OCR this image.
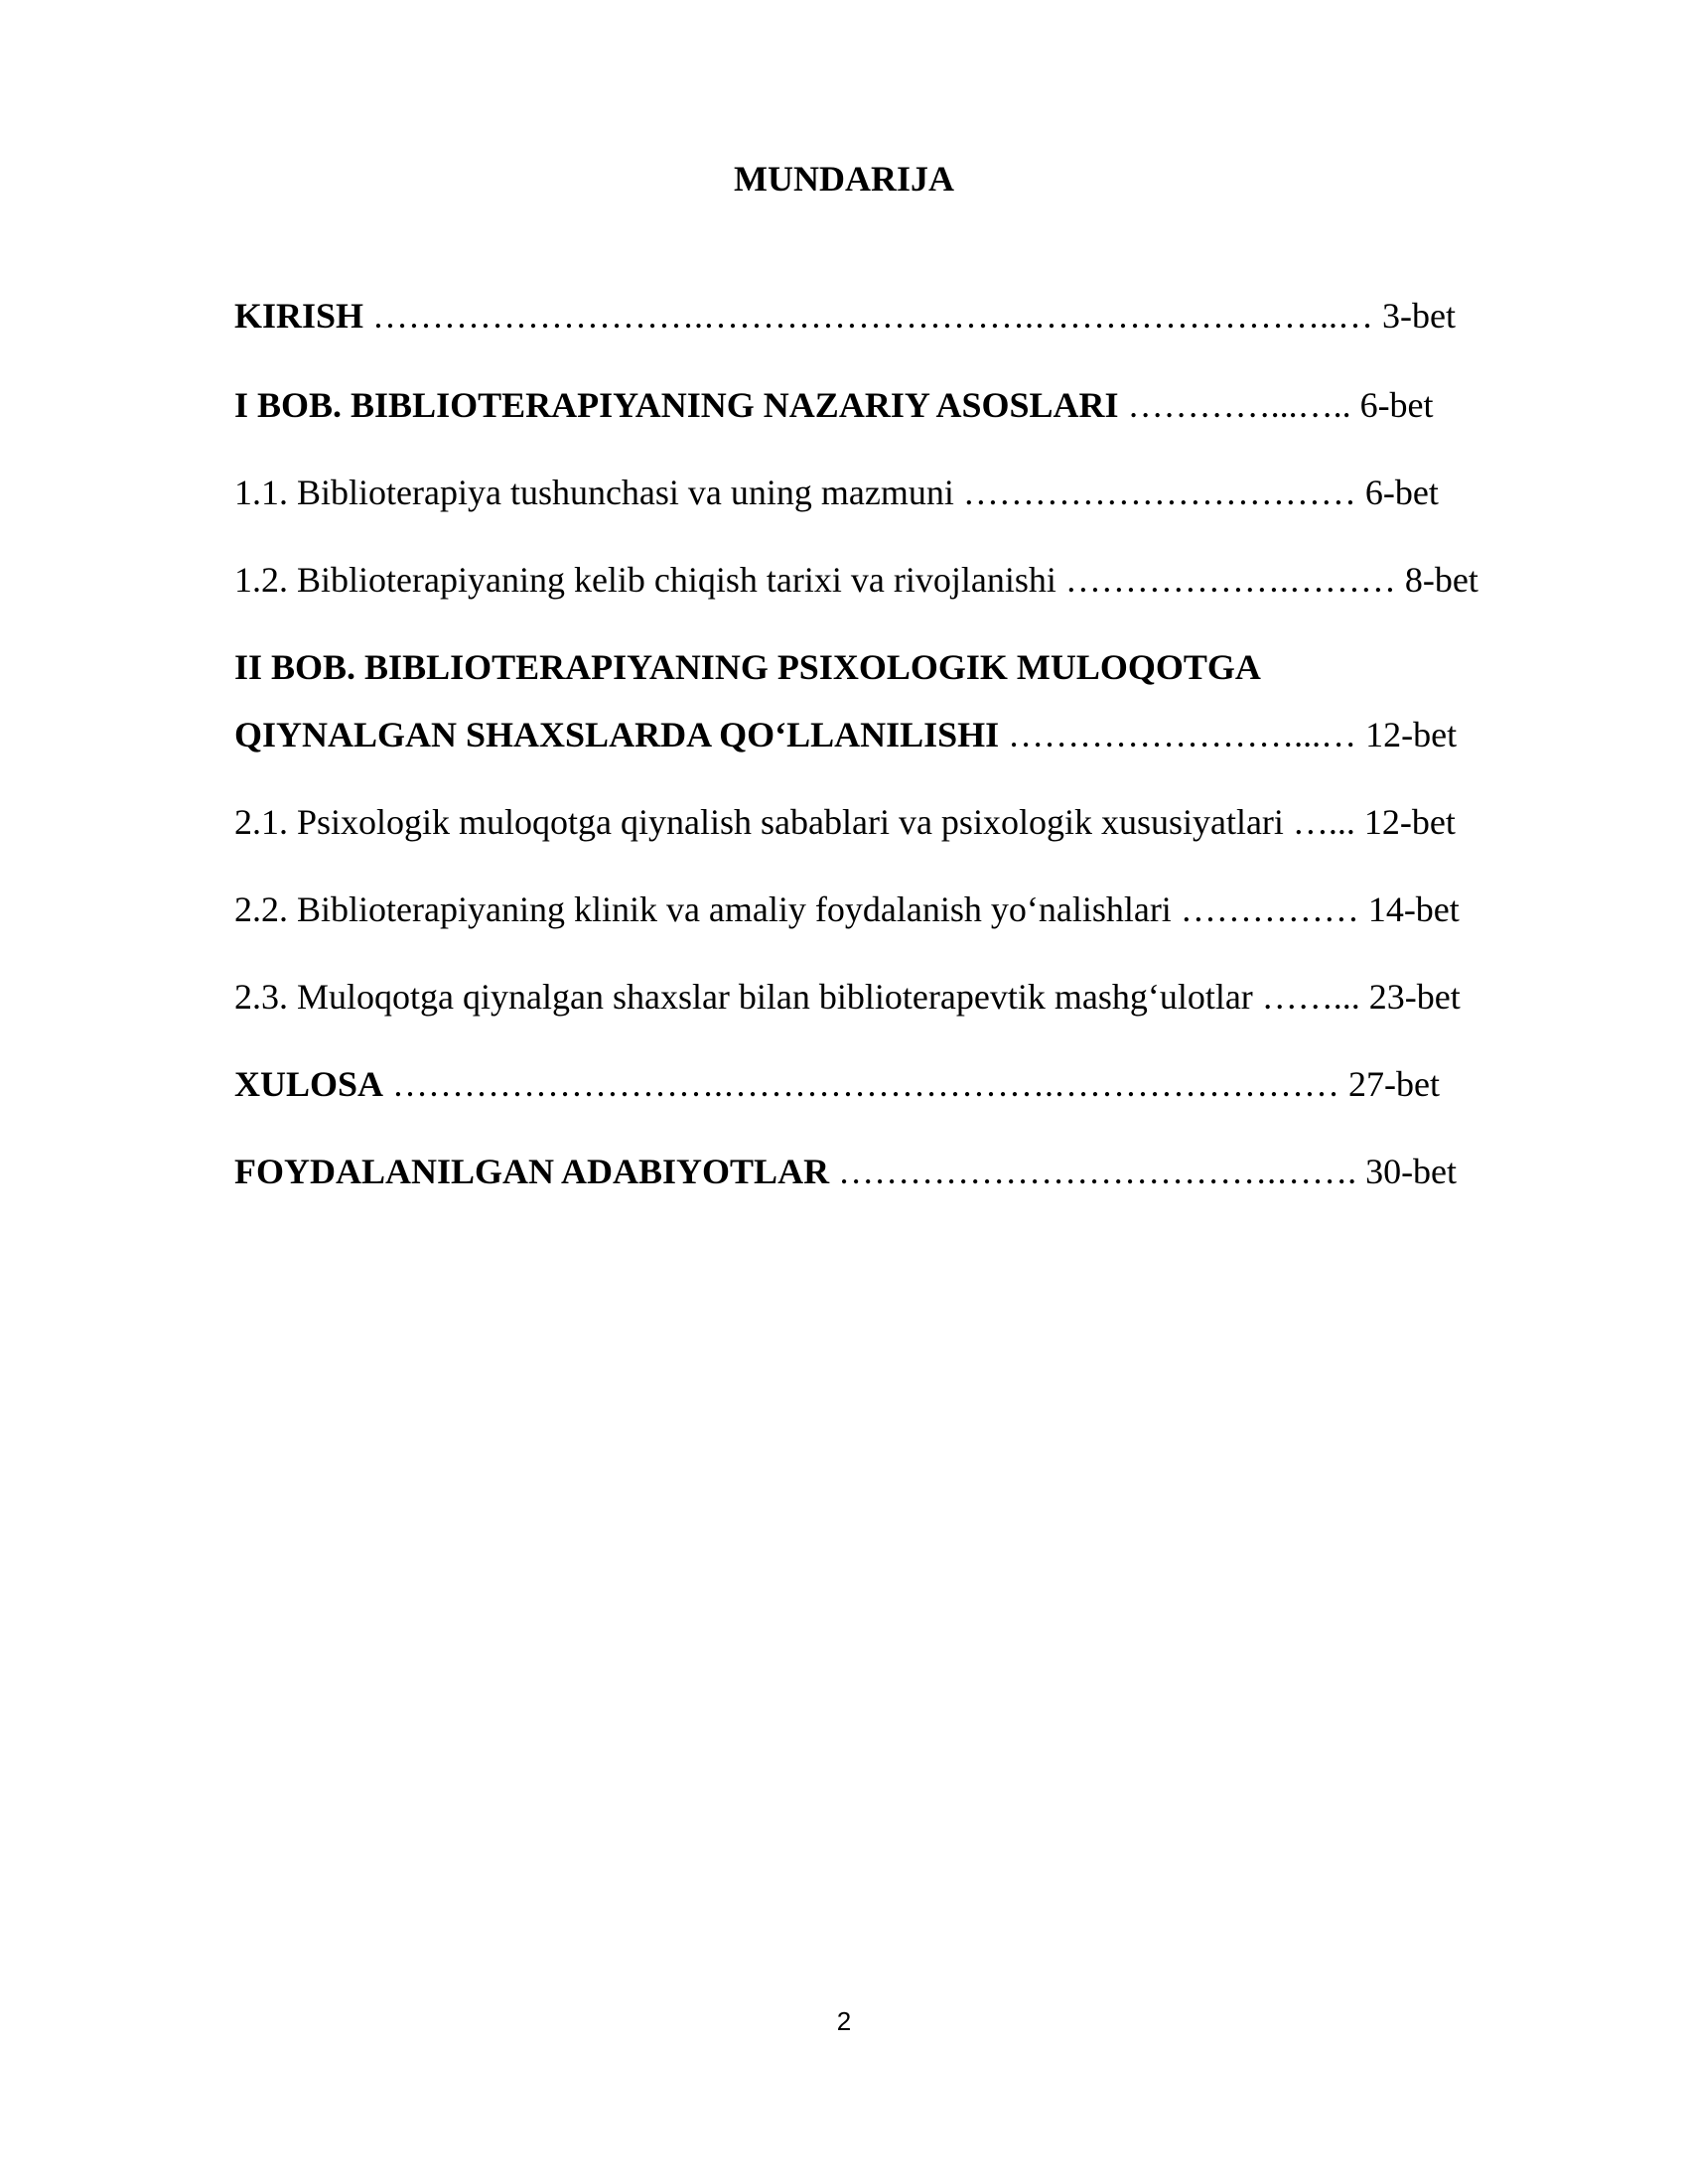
MUNDARIJA
KIRISH ……………………….……………………….……………………..… 3-bet
I BOB. BIBLIOTERAPIYANING NAZARIY ASOSLARI …………...….. 6-bet
1.1. Biblioterapiya tushunchasi va uning mazmuni …………………………… 6-bet
1.2. Biblioterapiyaning kelib chiqish tarixi va rivojlanishi ……………….……… 8-bet
II BOB. BIBLIOTERAPIYANING PSIXOLOGIK MULOQOTGA
QIYNALGAN SHAXSLARDA QO‘LLANILISHI ……………………...… 12-bet
2.1. Psixologik muloqotga qiynalish sabablari va psixologik xususiyatlari …... 12-bet
2.2. Biblioterapiyaning klinik va amaliy foydalanish yo‘nalishlari …………… 14-bet
2.3. Muloqotga qiynalgan shaxslar bilan biblioterapevtik mashg‘ulotlar ……... 23-bet
XULOSA ……………………….……………………….…………………… 27-bet
FOYDALANILGAN ADABIYOTLAR ……………………………….……. 30-bet
2
